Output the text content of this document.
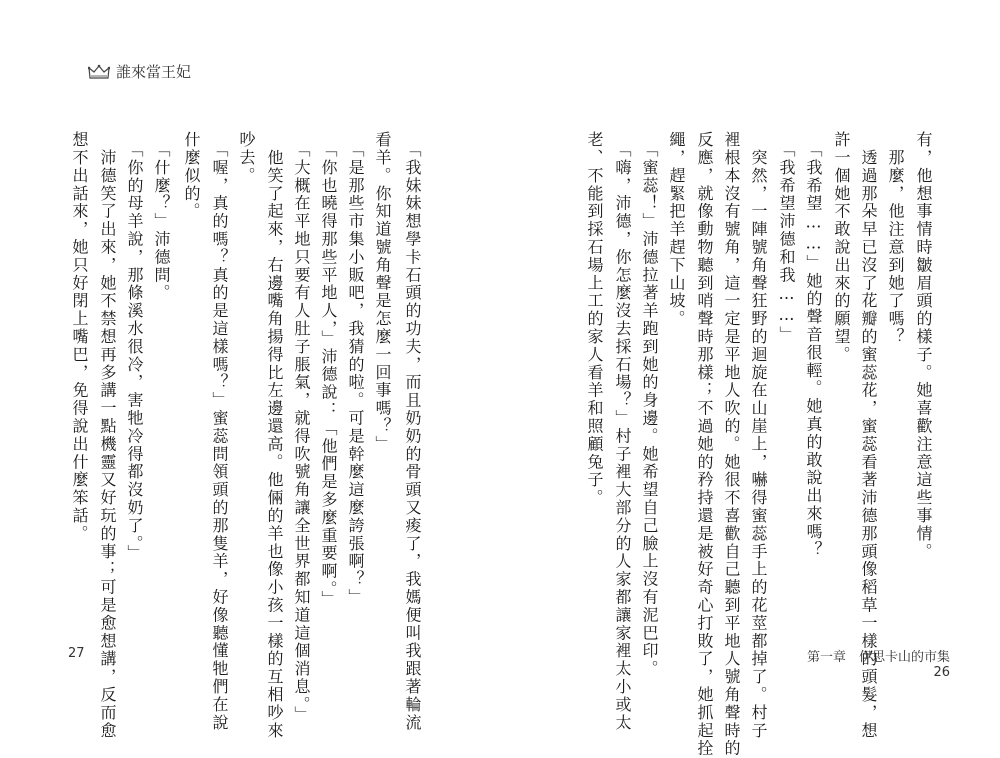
誰來當王妃
　「我妹妹想學卡石頭的功夫，而且奶奶的骨頭又痠了，我媽便叫我跟著輪流
看羊。你知道號角聲是怎麼一回事嗎？」
　「是那些市集小販吧，我猜的啦。可是幹麼這麼誇張啊？」
　「你也曉得那些平地人，」沛德說：「他們是多麼重要啊。」
　「大概在平地只要有人肚子脹氣，就得吹號角讓全世界都知道這個消息。」
　他笑了起來，右邊嘴角揚得比左邊還高。他倆的羊也像小孩一樣的互相吵來
吵去。
　「喔，真的嗎？真的是這樣嗎？」蜜蕊問領頭的那隻羊，好像聽懂牠們在說
什麼似的。
　「什麼？」沛德問。
　「你的母羊說，那條溪水很冷，害牠冷得都沒奶了。」
　沛德笑了出來，她不禁想再多講一點機靈又好玩的事；可是愈想講，反而愈
想不出話來，她只好閉上嘴巴，免得說出什麼笨話。
27
有，他想事情時皺眉頭的樣子。她喜歡注意這些事情。
　那麼，他注意到她了嗎？
　透過那朵早已沒了花瓣的蜜蕊花，蜜蕊看著沛德那頭像稻草一樣的頭髮，想
許一個她不敢說出來的願望。
　「我希望……」她的聲音很輕。她真的敢說出來嗎？
　「我希望沛德和我……」
　突然，一陣號角聲狂野的迴旋在山崖上，嚇得蜜蕊手上的花莖都掉了。村子
裡根本沒有號角，這一定是平地人吹的。她很不喜歡自己聽到平地人號角聲時的
反應，就像動物聽到哨聲時那樣；不過她的矜持還是被好奇心打敗了，她抓起拴
繩，趕緊把羊趕下山坡。
　「蜜蕊！」沛德拉著羊跑到她的身邊。她希望自己臉上沒有泥巴印。
　「嗨，沛德，你怎麼沒去採石場？」村子裡大部分的人家都讓家裡太小或太
老、不能到採石場上工的家人看羊和照顧兔子。
第一章　伊思卡山的市集　26
